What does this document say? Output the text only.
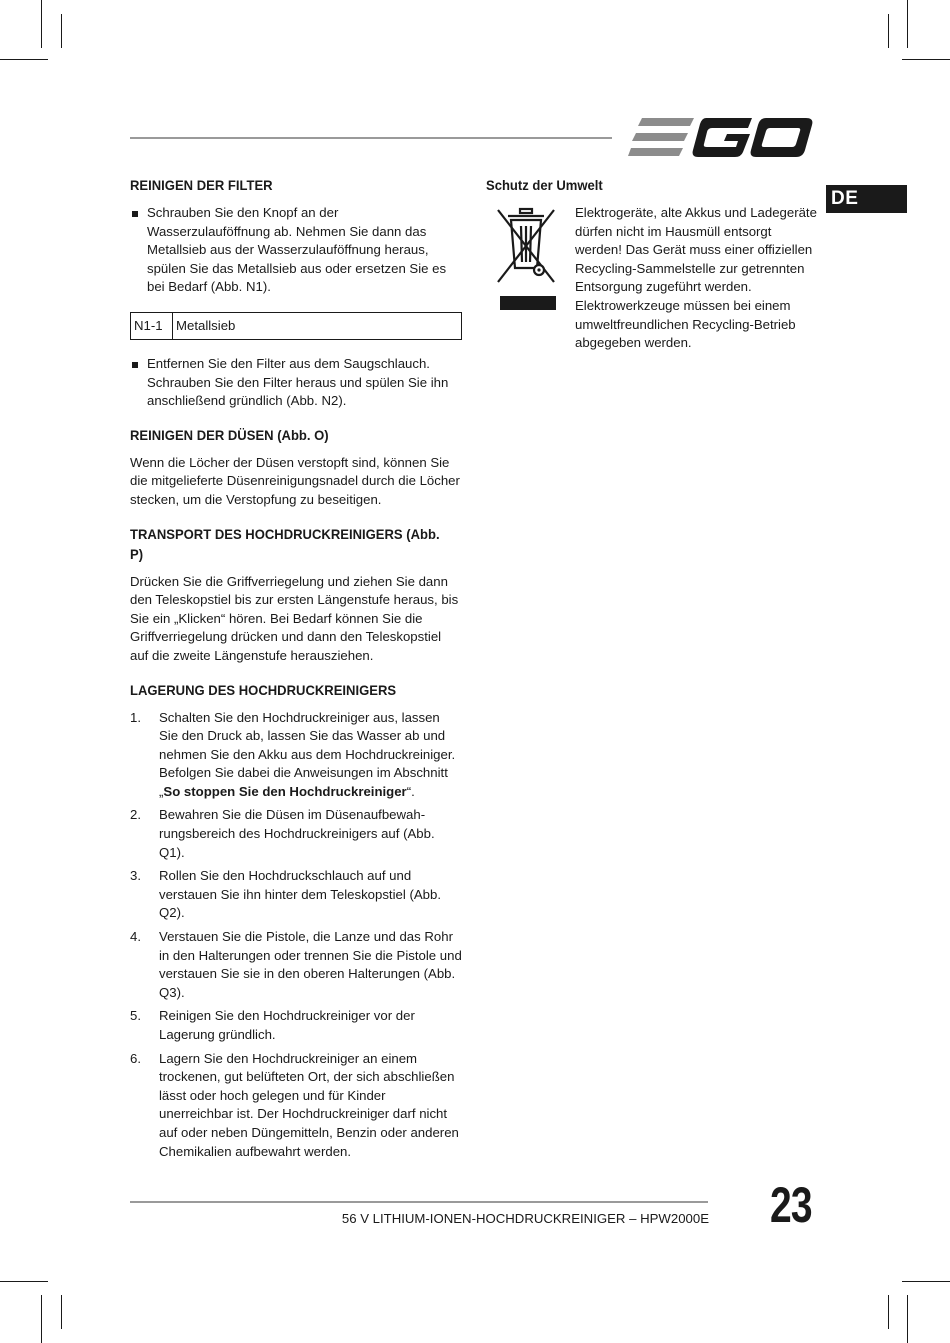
DE
REINIGEN DER FILTER
Schrauben Sie den Knopf an der Wasserzulauföffnung ab. Nehmen Sie dann das Metallsieb aus der Wasserzulauföffnung heraus, spülen Sie das Metallsieb aus oder ersetzen Sie es bei Bedarf (Abb. N1).
N1-1	Metallsieb
Entfernen Sie den Filter aus dem Saugschlauch. Schrauben Sie den Filter heraus und spülen Sie ihn anschließend gründlich (Abb. N2).
REINIGEN DER DÜSEN (Abb. O)

Wenn die Löcher der Düsen verstopft sind, können Sie die mitgelieferte Düsenreinigungsnadel durch die Löcher stecken, um die Verstopfung zu beseitigen.

TRANSPORT DES HOCHDRUCKREINIGERS (Abb. P)

Drücken Sie die Griffverriegelung und ziehen Sie dann den Teleskopstiel bis zur ersten Längenstufe heraus, bis Sie ein „Klicken“ hören. Bei Bedarf können Sie die Griffverriegelung drücken und dann den Teleskopstiel auf die zweite Längenstufe herausziehen.

LAGERUNG DES HOCHDRUCKREINIGERS
1. Schalten Sie den Hochdruckreiniger aus, lassen Sie den Druck ab, lassen Sie das Wasser ab und nehmen Sie den Akku aus dem Hochdruckreiniger. Befolgen Sie dabei die Anweisungen im Abschnitt „So stoppen Sie den Hochdruckreiniger“.
2. Bewahren Sie die Düsen im Düsenaufbewah-rungsbereich des Hochdruckreinigers auf (Abb. Q1).
3. Rollen Sie den Hochdruckschlauch auf und verstauen Sie ihn hinter dem Teleskopstiel (Abb. Q2).
4. Verstauen Sie die Pistole, die Lanze und das Rohr in den Halterungen oder trennen Sie die Pistole und verstauen Sie sie in den oberen Halterungen (Abb. Q3).
5. Reinigen Sie den Hochdruckreiniger vor der Lagerung gründlich.
6. Lagern Sie den Hochdruckreiniger an einem trockenen, gut belüfteten Ort, der sich abschließen lässt oder hoch gelegen und für Kinder unerreichbar ist. Der Hochdruckreiniger darf nicht auf oder neben Düngemitteln, Benzin oder anderen Chemikalien aufbewahrt werden.
Schutz der Umwelt
Elektrogeräte, alte Akkus und Ladegeräte dürfen nicht im Hausmüll entsorgt werden! Das Gerät muss einer offiziellen Recycling-Sammelstelle zur getrennten Entsorgung zugeführt werden. Elektrowerkzeuge müssen bei einem umweltfreundlichen Recycling-Betrieb abgegeben werden.
56 V LITHIUM-IONEN-HOCHDRUCKREINIGER – HPW2000E 23
